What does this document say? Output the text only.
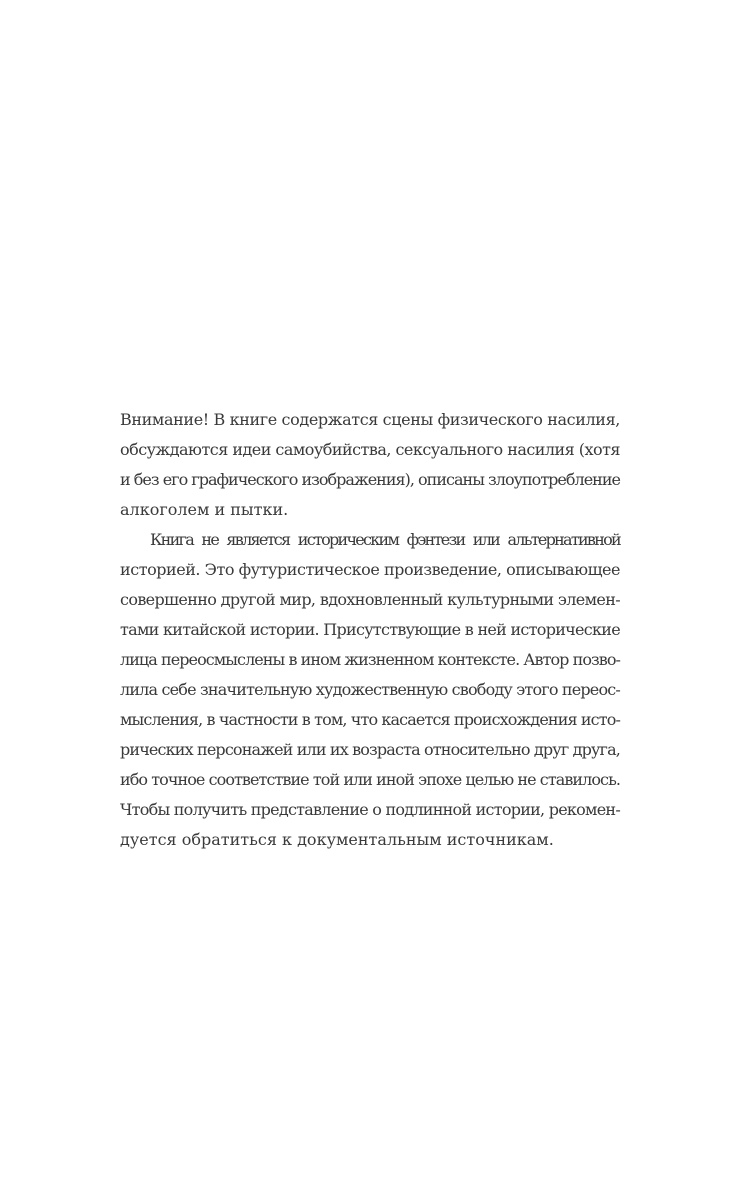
Внимание! В книге содержатся сцены физического насилия,
обсуждаются идеи самоубийства, сексуального насилия (хотя
и без его графического изображения), описаны злоупотребление
алкоголем и пытки.
Книга не является историческим фэнтези или альтернативной
историей. Это футуристическое произведение, описывающее
совершенно другой мир, вдохновленный культурными элемен-
тами китайской истории. Присутствующие в ней исторические
лица переосмыслены в ином жизненном контексте. Автор позво-
лила себе значительную художественную свободу этого переос-
мысления, в частности в том, что касается происхождения исто-
рических персонажей или их возраста относительно друг друга,
ибо точное соответствие той или иной эпохе целью не ставилось.
Чтобы получить представление о подлинной истории, рекомен-
дуется обратиться к документальным источникам.
